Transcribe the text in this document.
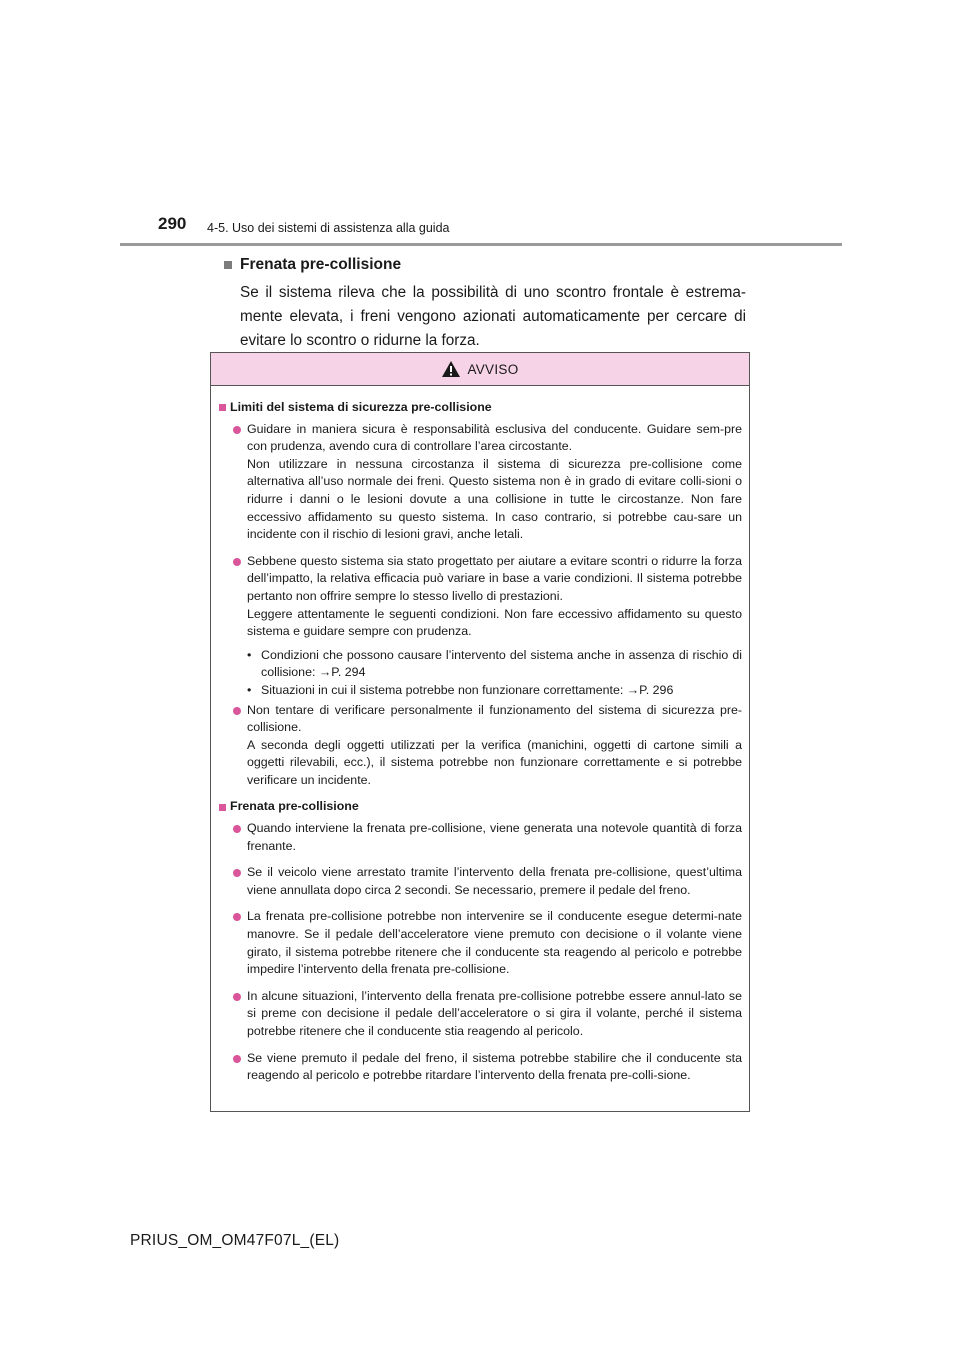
290 4-5. Uso dei sistemi di assistenza alla guida
Frenata pre-collisione
Se il sistema rileva che la possibilità di uno scontro frontale è estrema-mente elevata, i freni vengono azionati automaticamente per cercare di evitare lo scontro o ridurne la forza.
AVVISO
Limiti del sistema di sicurezza pre-collisione

Guidare in maniera sicura è responsabilità esclusiva del conducente. Guidare sem-pre con prudenza, avendo cura di controllare l’area circostante.

Non utilizzare in nessuna circostanza il sistema di sicurezza pre-collisione come alternativa all’uso normale dei freni. Questo sistema non è in grado di evitare colli-sioni o ridurre i danni o le lesioni dovute a una collisione in tutte le circostanze. Non fare eccessivo affidamento su questo sistema. In caso contrario, si potrebbe cau-sare un incidente con il rischio di lesioni gravi, anche letali.

Sebbene questo sistema sia stato progettato per aiutare a evitare scontri o ridurre la forza dell’impatto, la relativa efficacia può variare in base a varie condizioni. Il sistema potrebbe pertanto non offrire sempre lo stesso livello di prestazioni.

Leggere attentamente le seguenti condizioni. Non fare eccessivo affidamento su questo sistema e guidare sempre con prudenza.

• Condizioni che possono causare l’intervento del sistema anche in assenza di rischio di collisione: →P. 294
• Situazioni in cui il sistema potrebbe non funzionare correttamente: →P. 296

Non tentare di verificare personalmente il funzionamento del sistema di sicurezza pre-collisione.

A seconda degli oggetti utilizzati per la verifica (manichini, oggetti di cartone simili a oggetti rilevabili, ecc.), il sistema potrebbe non funzionare correttamente e si potrebbe verificare un incidente.

Frenata pre-collisione
Quando interviene la frenata pre-collisione, viene generata una notevole quantità di forza frenante.
Se il veicolo viene arrestato tramite l’intervento della frenata pre-collisione, quest’ultima viene annullata dopo circa 2 secondi. Se necessario, premere il pedale del freno.
La frenata pre-collisione potrebbe non intervenire se il conducente esegue determi-nate manovre. Se il pedale dell’acceleratore viene premuto con decisione o il volante viene girato, il sistema potrebbe ritenere che il conducente sta reagendo al pericolo e potrebbe impedire l’intervento della frenata pre-collisione.
In alcune situazioni, l’intervento della frenata pre-collisione potrebbe essere annul-lato se si preme con decisione il pedale dell’acceleratore o si gira il volante, perché il sistema potrebbe ritenere che il conducente stia reagendo al pericolo.
Se viene premuto il pedale del freno, il sistema potrebbe stabilire che il conducente sta reagendo al pericolo e potrebbe ritardare l’intervento della frenata pre-colli-sione.
PRIUS_OM_OM47F07L_(EL)
